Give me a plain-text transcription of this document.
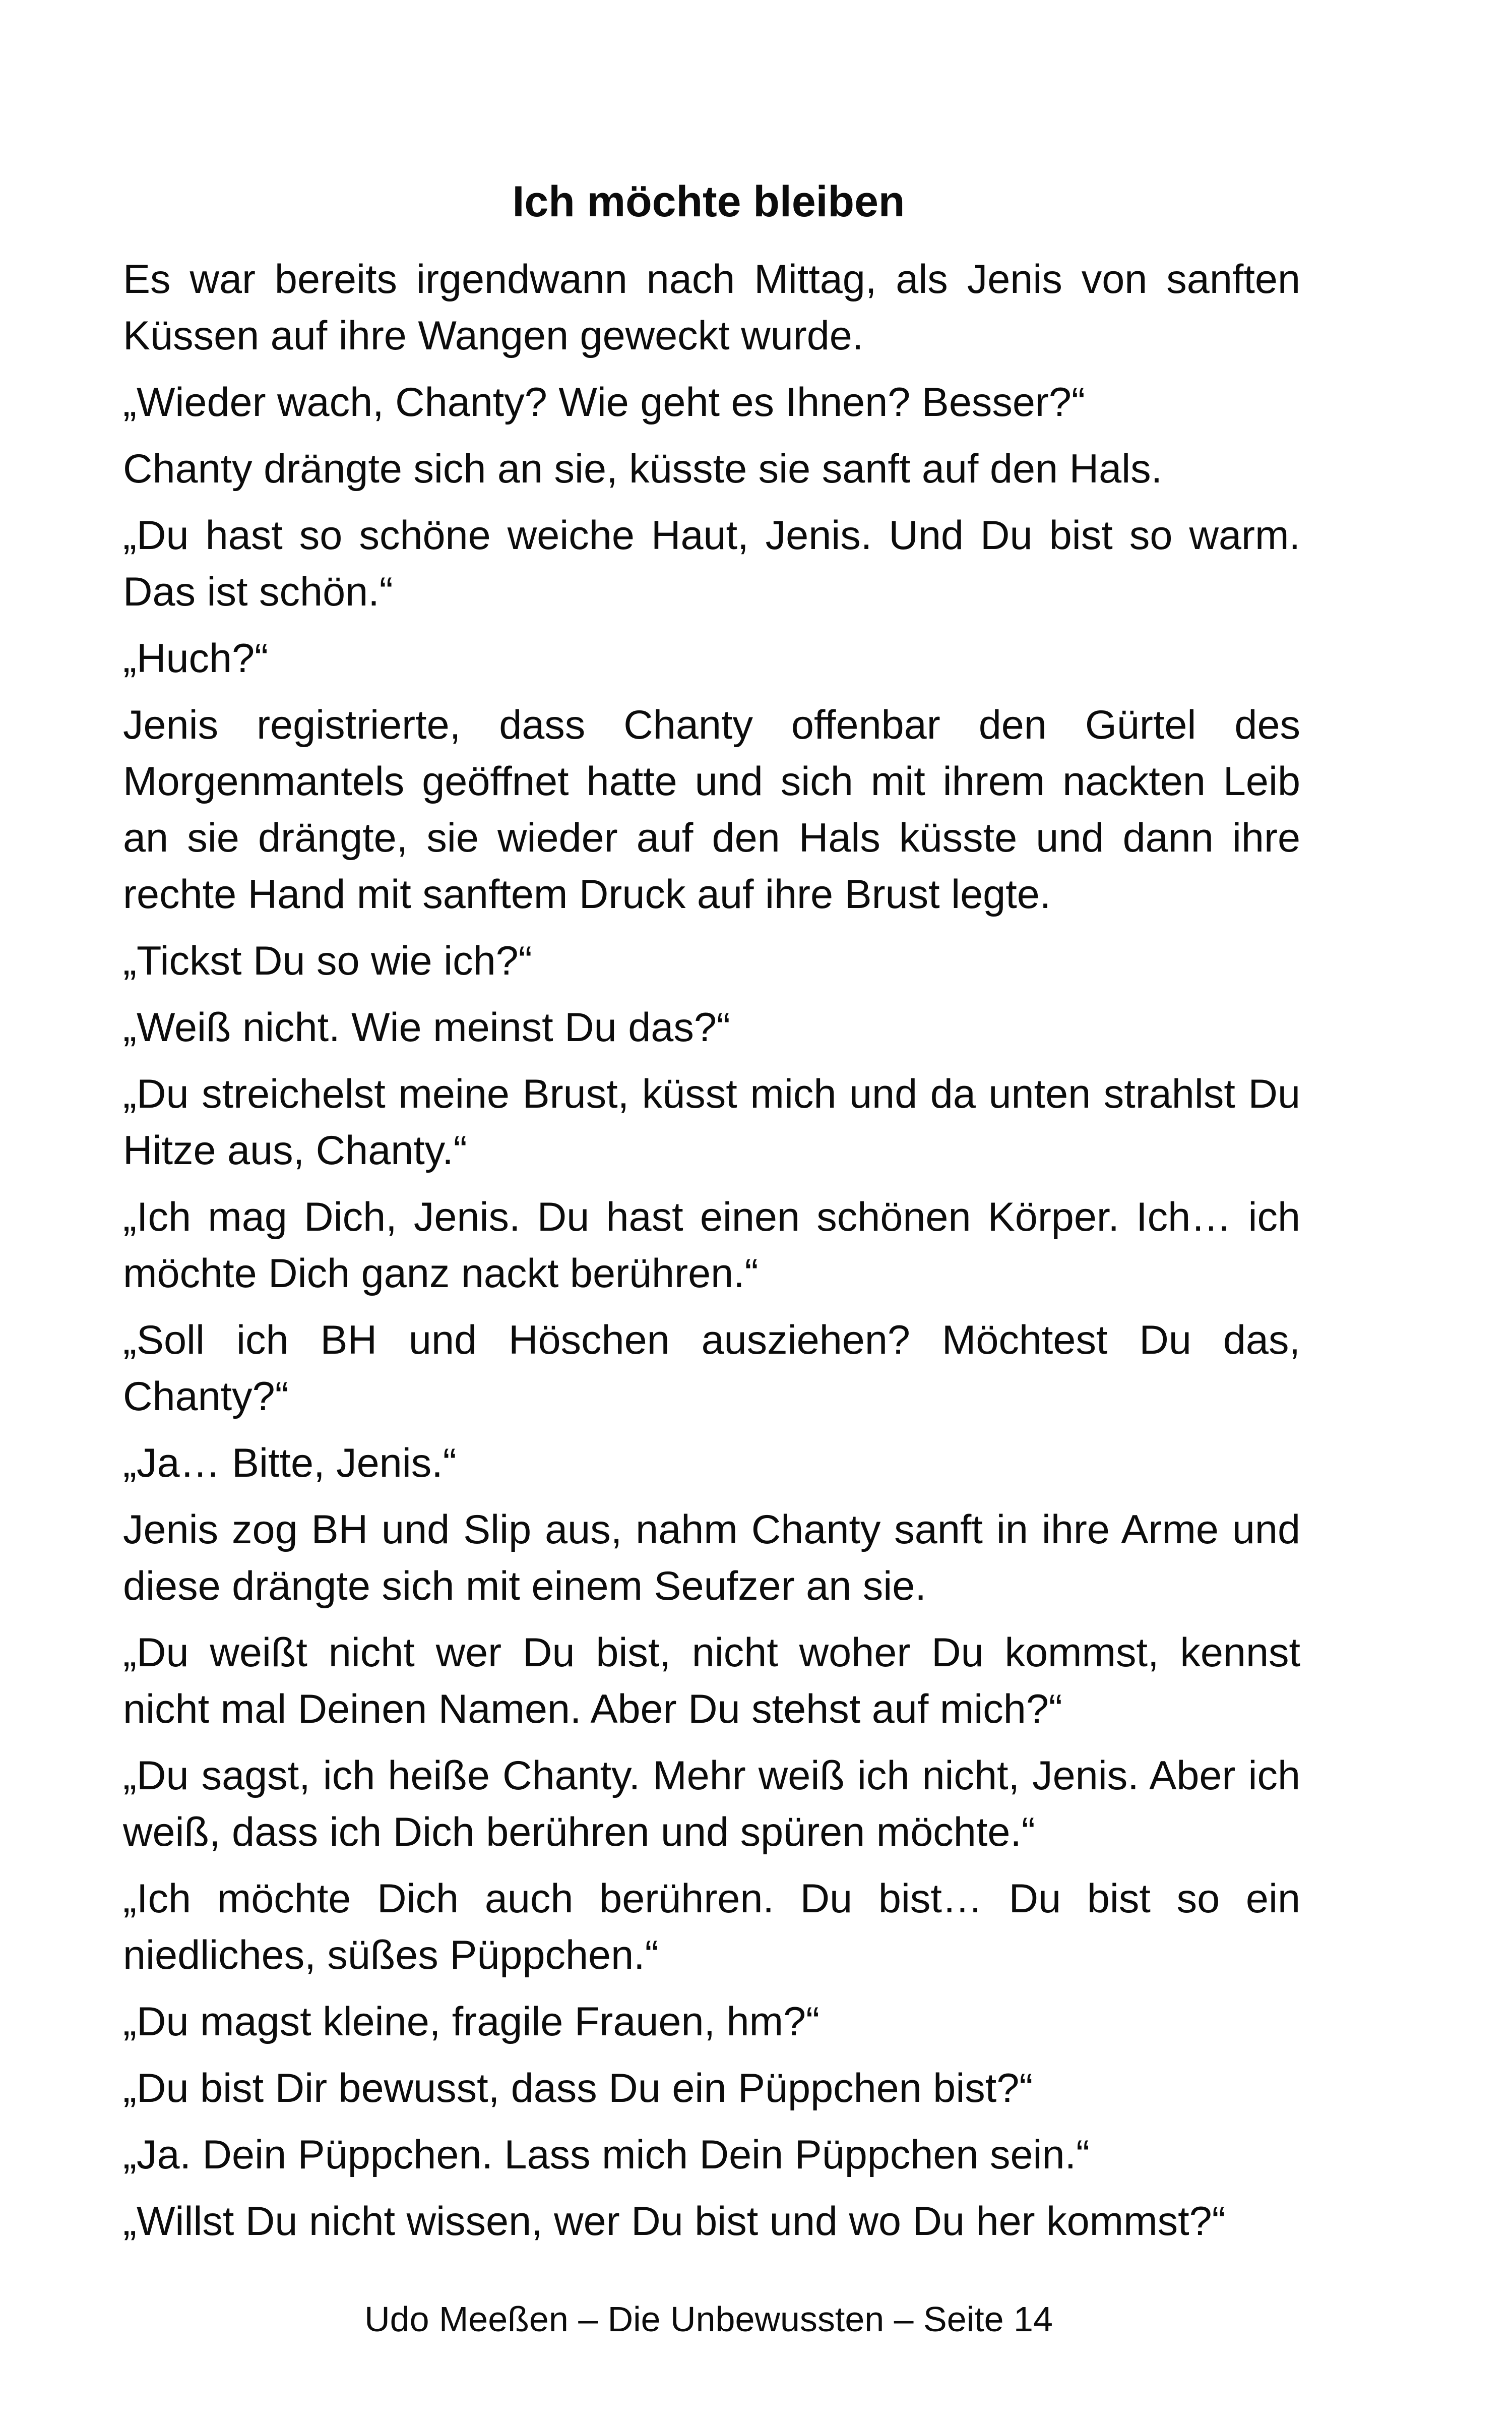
Ich möchte bleiben

Es war bereits irgendwann nach Mittag, als Jenis von sanften Küssen auf ihre Wangen geweckt wurde.

„Wieder wach, Chanty? Wie geht es Ihnen? Besser?“

Chanty drängte sich an sie, küsste sie sanft auf den Hals.

„Du hast so schöne weiche Haut, Jenis. Und Du bist so warm. Das ist schön.“

„Huch?“

Jenis registrierte, dass Chanty offenbar den Gürtel des Morgenmantels geöffnet hatte und sich mit ihrem nackten Leib an sie drängte, sie wieder auf den Hals küsste und dann ihre rechte Hand mit sanftem Druck auf ihre Brust legte.

„Tickst Du so wie ich?“

„Weiß nicht. Wie meinst Du das?“

„Du streichelst meine Brust, küsst mich und da unten strahlst Du Hitze aus, Chanty.“

„Ich mag Dich, Jenis. Du hast einen schönen Körper. Ich… ich möchte Dich ganz nackt berühren.“

„Soll ich BH und Höschen ausziehen? Möchtest Du das, Chanty?“

„Ja… Bitte, Jenis.“

Jenis zog BH und Slip aus, nahm Chanty sanft in ihre Arme und diese drängte sich mit einem Seufzer an sie.

„Du weißt nicht wer Du bist, nicht woher Du kommst, kennst nicht mal Deinen Namen. Aber Du stehst auf mich?“

„Du sagst, ich heiße Chanty. Mehr weiß ich nicht, Jenis. Aber ich weiß, dass ich Dich berühren und spüren möchte.“

„Ich möchte Dich auch berühren. Du bist… Du bist so ein niedliches, süßes Püppchen.“

„Du magst kleine, fragile Frauen, hm?“

„Du bist Dir bewusst, dass Du ein Püppchen bist?“

„Ja. Dein Püppchen. Lass mich Dein Püppchen sein.“

„Willst Du nicht wissen, wer Du bist und wo Du her kommst?“

Udo Meeßen – Die Unbewussten – Seite 14
